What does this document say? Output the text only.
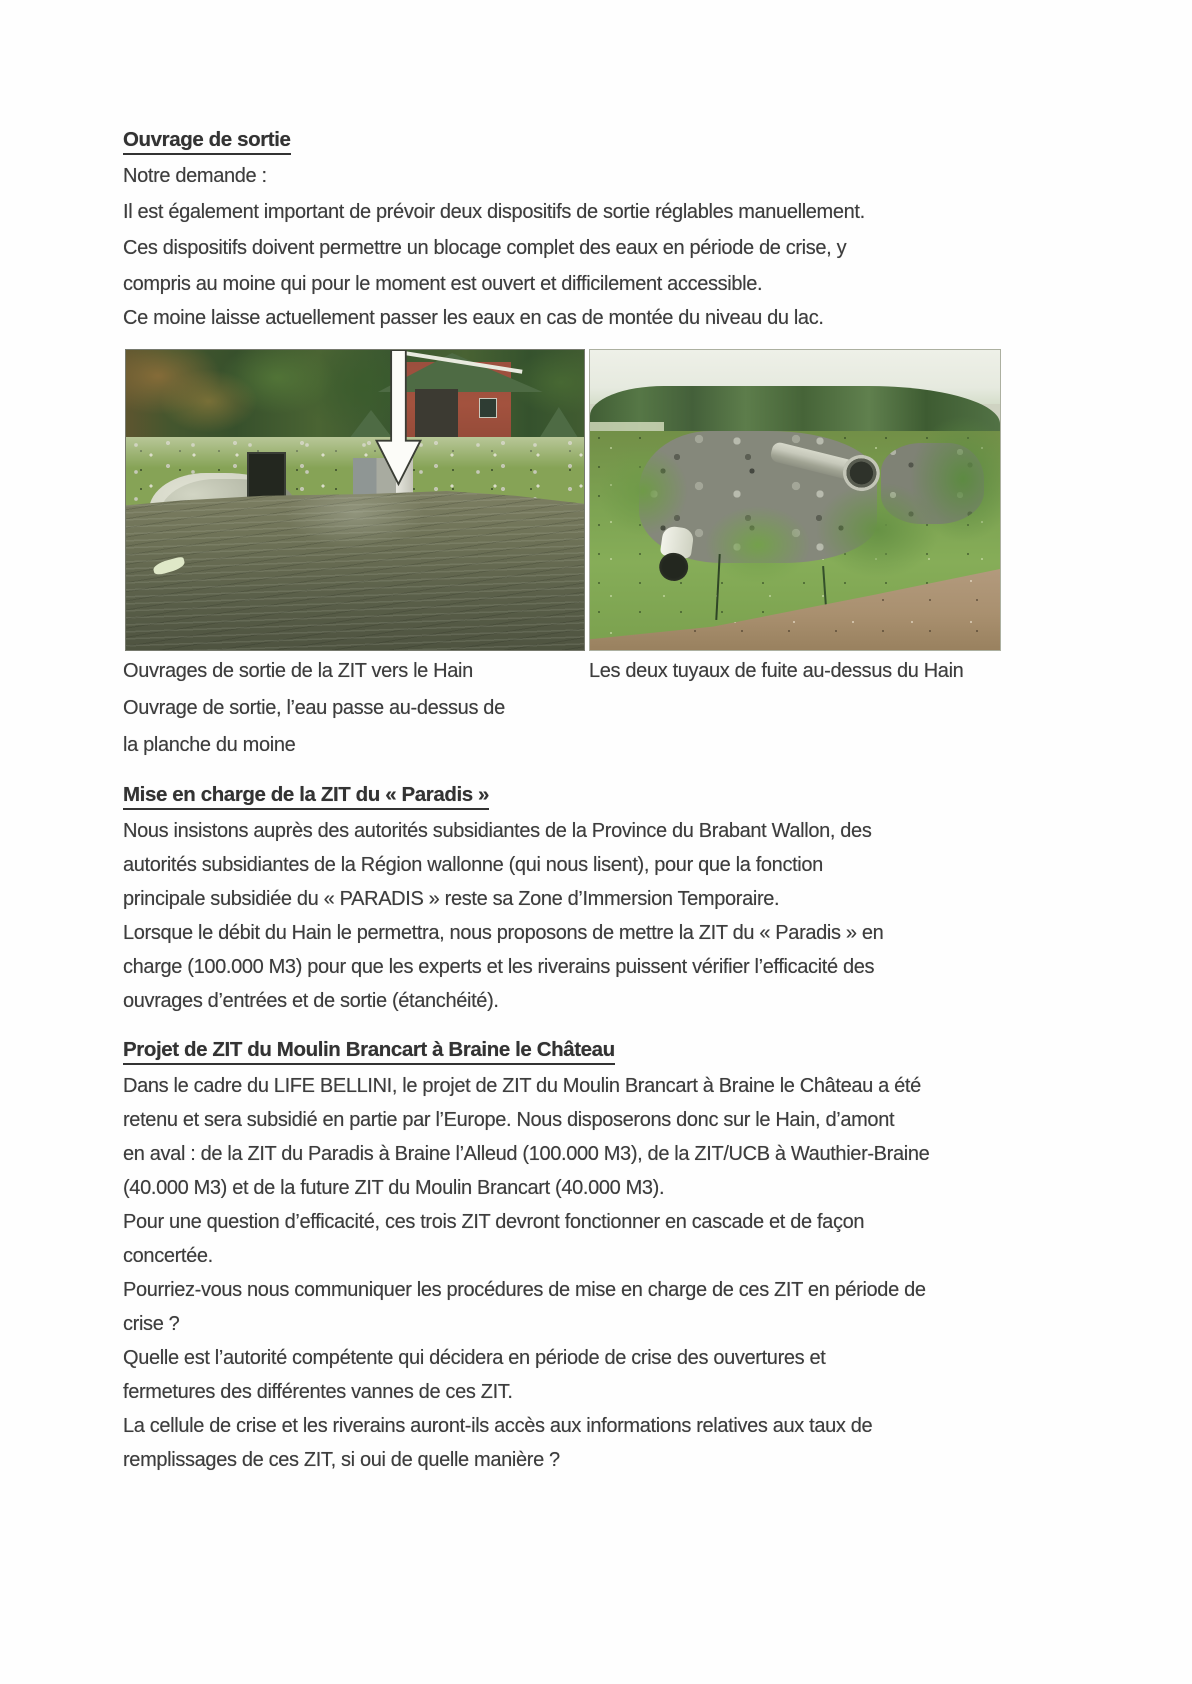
Ouvrage de sortie
Notre demande :
Il est également important de prévoir deux dispositifs de sortie réglables manuellement.
Ces dispositifs doivent permettre un blocage complet des eaux en période de crise, y
compris au moine qui pour le moment est ouvert et difficilement accessible.
Ce moine laisse actuellement passer les eaux en cas de montée du niveau du lac.
Ouvrages de sortie de la ZIT vers le Hain
Ouvrage de sortie, l’eau passe au-dessus de
la planche du moine
Les deux tuyaux de fuite au-dessus du Hain
Mise en charge de la ZIT du « Paradis »
Nous insistons auprès des autorités subsidiantes de la Province du Brabant Wallon, des
autorités subsidiantes de la Région wallonne (qui nous lisent), pour que la fonction
principale subsidiée du « PARADIS » reste sa Zone d’Immersion Temporaire.
Lorsque le débit du Hain le permettra, nous proposons de mettre la ZIT du « Paradis » en
charge (100.000 M3) pour que les experts et les riverains puissent vérifier l’efficacité des
ouvrages d’entrées et de sortie (étanchéité).
Projet de ZIT du Moulin Brancart à Braine le Château
Dans le cadre du LIFE BELLINI, le projet de ZIT du Moulin Brancart à Braine le Château a été
retenu et sera subsidié en partie par l’Europe. Nous disposerons donc sur le Hain, d’amont
en aval : de la ZIT du Paradis à Braine l’Alleud (100.000 M3), de la ZIT/UCB à Wauthier-Braine
(40.000 M3) et de la future ZIT du Moulin Brancart (40.000 M3).
Pour une question d’efficacité, ces trois ZIT devront fonctionner en cascade et de façon
concertée.
Pourriez-vous nous communiquer les procédures de mise en charge de ces ZIT en période de
crise ?
Quelle est l’autorité compétente qui décidera en période de crise des ouvertures et
fermetures des différentes vannes de ces ZIT.
La cellule de crise et les riverains auront-ils accès aux informations relatives aux taux de
remplissages de ces ZIT, si oui de quelle manière ?
